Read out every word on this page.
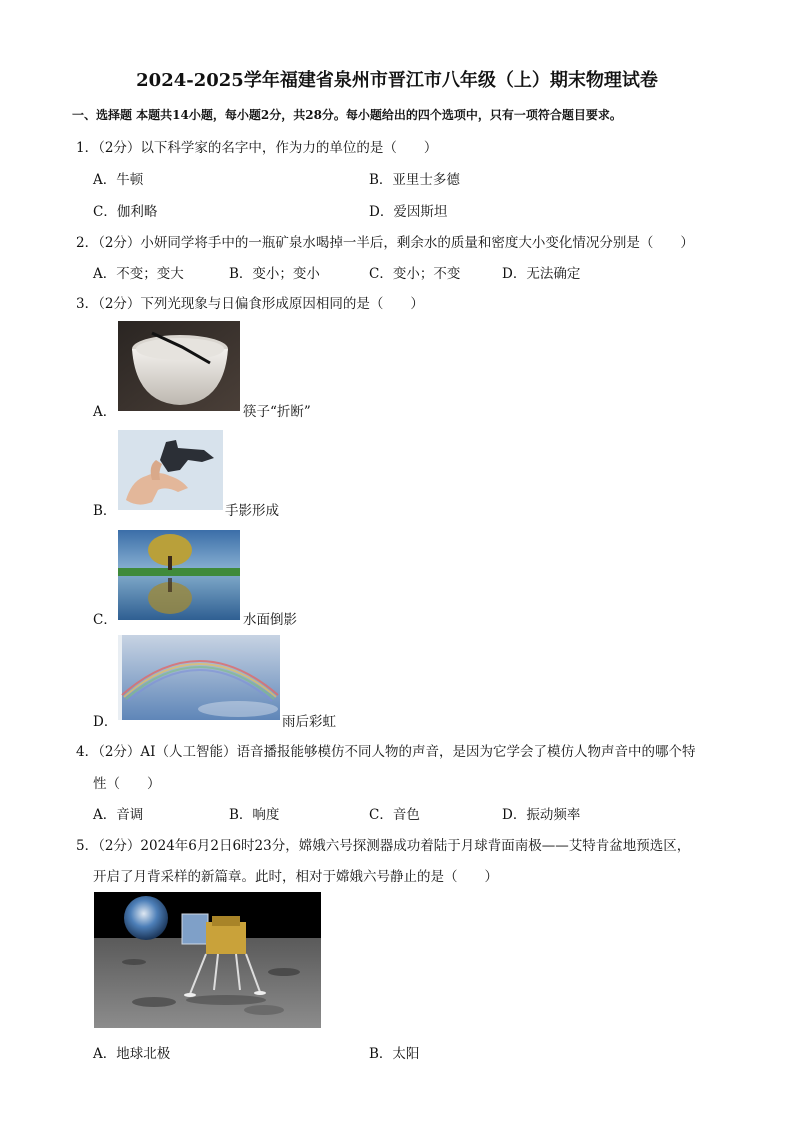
2024-2025学年福建省泉州市晋江市八年级（上）期末物理试卷
一、选择题 本题共14小题，每小题2分，共28分。每小题给出的四个选项中，只有一项符合题目要求。
1．（2分）以下科学家的名字中，作为力的单位的是（　　）
A．牛顿	B．亚里士多德
C．伽利略	D．爱因斯坦
2．（2分）小妍同学将手中的一瓶矿泉水喝掉一半后，剩余水的质量和密度大小变化情况分别是（　　）
A．不变；变大	B．变小；变小	C．变小；不变	D．无法确定
3．（2分）下列光现象与日偏食形成原因相同的是（　　）
A．	筷子“折断”
B．	手影形成
C．	水面倒影
D．	雨后彩虹
4．（2分）AI（人工智能）语音播报能够模仿不同人物的声音，是因为它学会了模仿人物声音中的哪个特
性（　　）
A．音调	B．响度	C．音色	D．振动频率
5．（2分）2024年6月2日6时23分，嫦娥六号探测器成功着陆于月球背面南极——艾特肯盆地预选区，
开启了月背采样的新篇章。此时，相对于嫦娥六号静止的是（　　）
A．地球北极	B．太阳
